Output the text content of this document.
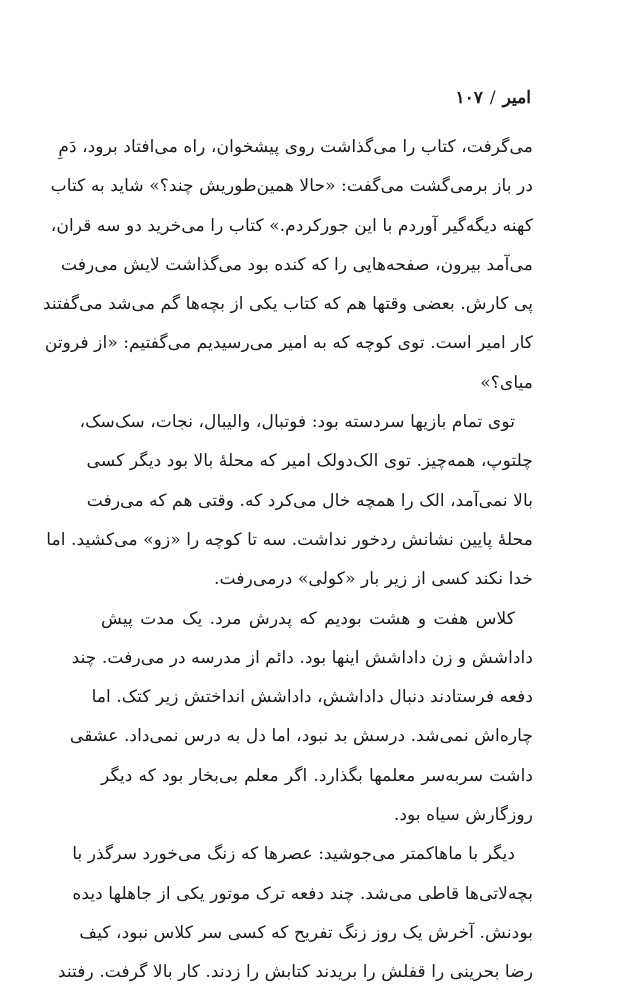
امیر/۱۰۷
می‌گرفت، کتاب را می‌گذاشت روی پیشخوان، راه می‌افتاد برود، دَمِ
در باز برمی‌گشت می‌گفت: «حالا همین‌طوریش چند؟» شاید به کتاب
کهنه دیگه‌گیر آوردم با این جورکردم.» کتاب را می‌خرید دو سه قران،
می‌آمد بیرون، صفحه‌هایی را که کنده بود می‌گذاشت لایش می‌رفت
پی کارش. بعضی وقتها هم که کتاب یکی از بچه‌ها گم می‌شد می‌گفتند
کار امیر است. توی کوچه که به امیر می‌رسیدیم می‌گفتیم: «از فروتن
میای؟»
توی تمام بازیها سردسته بود: فوتبال، والیبال، نجات، سک‌سک،
چلتوپ، همه‌چیز. توی الک‌دولک امیر که محلهٔ بالا بود دیگر کسی
بالا نمی‌آمد، الک را همچه خال می‌کرد که. وقتی هم که می‌رفت
محلهٔ پایین نشانش ردخور نداشت. سه تا کوچه را «زو» می‌کشید. اما
خدا نکند کسی از زیر بار «کولی» درمی‌رفت.
کلاس هفت و هشت بودیم که پدرش مرد. یک مدت پیش
داداشش و زن داداشش اینها بود. دائم از مدرسه در می‌رفت. چند
دفعه فرستادند دنبال داداشش، داداشش انداختش زیر کتک. اما
چاره‌اش نمی‌شد. درسش بد نبود، اما دل به درس نمی‌داد. عشقی
داشت سربه‌سر معلمها بگذارد. اگر معلم بی‌بخار بود که دیگر
روزگارش سیاه بود.
دیگر با ماها‌کمتر می‌جوشید: عصرها که زنگ می‌خورد سرگذر با
بچه‌لاتی‌ها قاطی می‌شد. چند دفعه ترک موتور یکی از جاهلها دیده
بودنش. آخرش یک روز زنگ تفریح که کسی سر کلاس نبود، کیف
رضا بحرینی را قفلش را بریدند کتابش را زدند. کار بالا گرفت. رفتند
